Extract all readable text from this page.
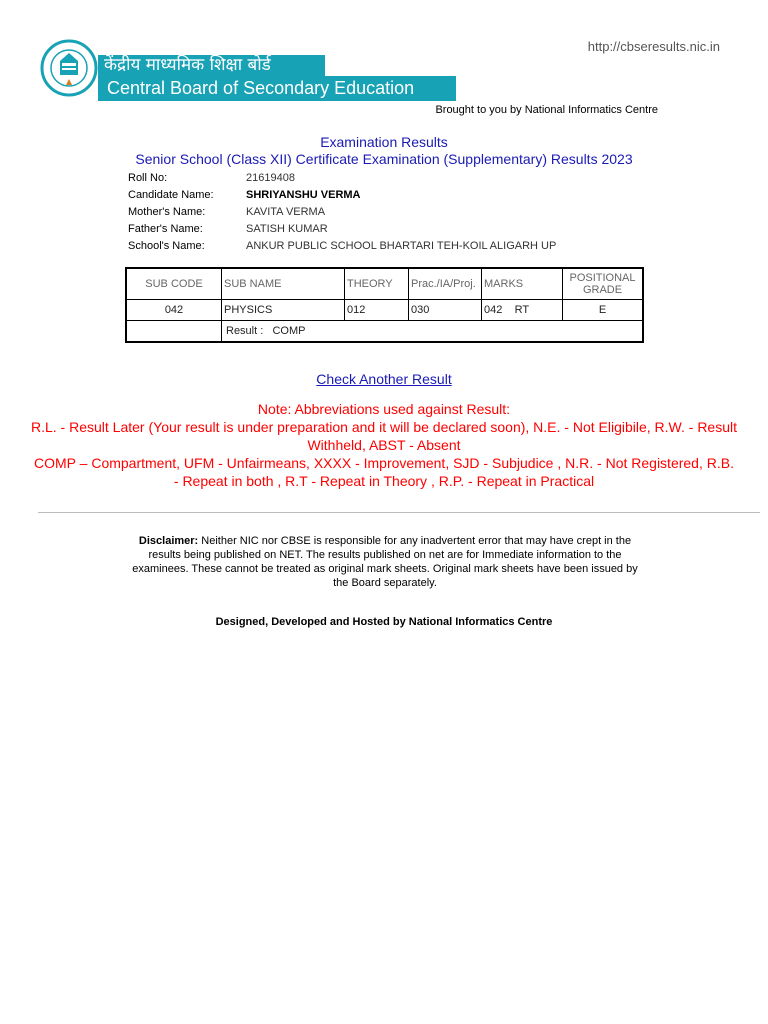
http://cbseresults.nic.in
केंद्रीय माध्यमिक शिक्षा बोर्ड
Central Board of Secondary Education
Brought to you by National Informatics Centre
Examination Results
Senior School (Class XII) Certificate Examination (Supplementary) Results 2023
Roll No:	21619408
Candidate Name:	SHRIYANSHU VERMA
Mother's Name:	KAVITA VERMA
Father's Name:	SATISH KUMAR
School's Name:	ANKUR PUBLIC SCHOOL BHARTARI TEH-KOIL ALIGARH UP
SUB CODE	SUB NAME	THEORY	Prac./IA/Proj.	MARKS	POSITIONAL GRADE
042	PHYSICS	012	030	042    RT	E
	Result :   COMP				
Check Another Result
Note: Abbreviations used against Result:
R.L. - Result Later (Your result is under preparation and it will be declared soon), N.E. - Not Eligibile, R.W. - Result Withheld, ABST - Absent
COMP – Compartment, UFM - Unfairmeans, XXXX - Improvement, SJD - Subjudice , N.R. - Not Registered, R.B. - Repeat in both , R.T - Repeat in Theory , R.P. - Repeat in Practical
Disclaimer: Neither NIC nor CBSE is responsible for any inadvertent error that may have crept in the results being published on NET. The results published on net are for Immediate information to the examinees. These cannot be treated as original mark sheets. Original mark sheets have been issued by the Board separately.
Designed, Developed and Hosted by National Informatics Centre
